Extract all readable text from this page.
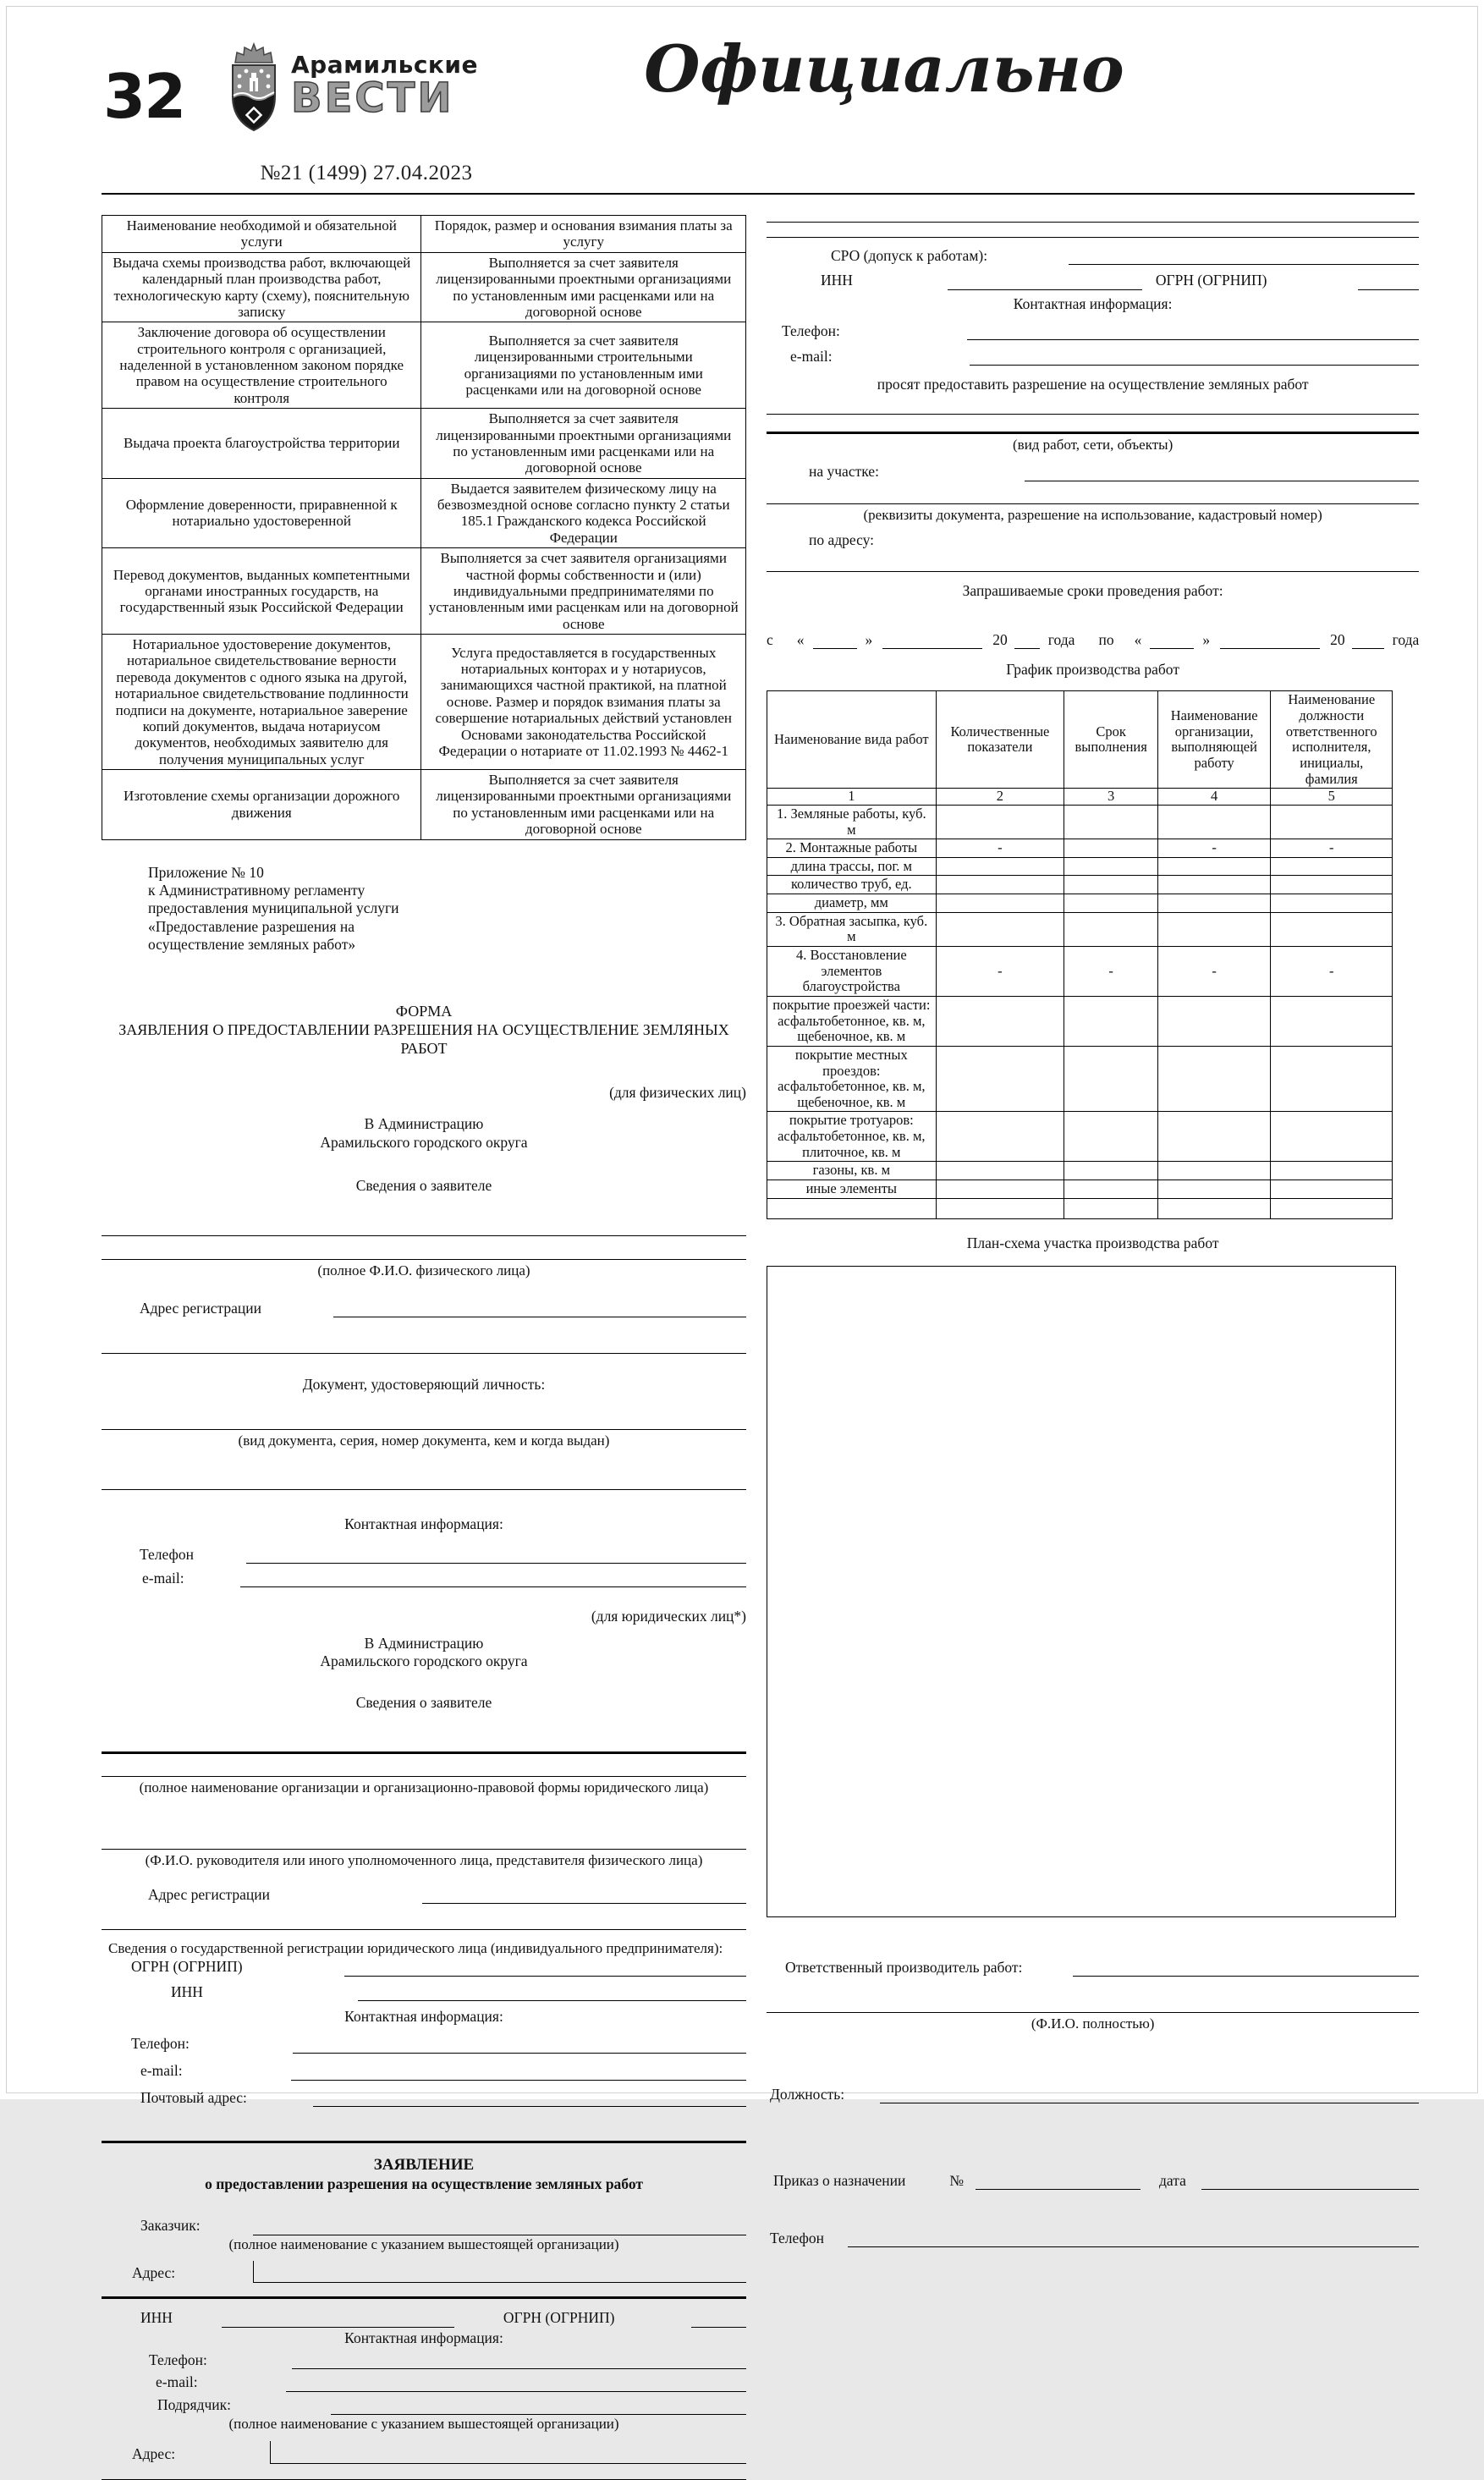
32	Арамильские
ВЕСТИ
№21 (1499) 27.04.2023
Официально
Наименование необходимой и обязательной услуги	Порядок, размер и основания взимания платы за услугу
Выдача схемы производства работ, включающей календарный план производства работ, технологическую карту (схему), пояснительную записку	Выполняется за счет заявителя лицензированными проектными организациями по установленным ими расценками или на договорной основе
Заключение договора об осуществлении строительного контроля с организацией, наделенной в установленном законом порядке правом на осуществление строительного контроля	Выполняется за счет заявителя лицензированными строительными организациями по установленным ими расценками или на договорной основе
Выдача проекта благоустройства территории	Выполняется за счет заявителя лицензированными проектными организациями по установленным ими расценками или на договорной основе
Оформление доверенности, приравненной к нотариально удостоверенной	Выдается заявителем физическому лицу на безвозмездной основе согласно пункту 2 статьи 185.1 Гражданского кодекса Российской Федерации
Перевод документов, выданных компетентными органами иностранных государств, на государственный язык Российской Федерации	Выполняется за счет заявителя организациями частной формы собственности и (или) индивидуальными предпринимателями по установленным ими расценкам или на договорной основе
Нотариальное удостоверение документов, нотариальное свидетельствование верности перевода документов с одного языка на другой, нотариальное свидетельствование подлинности подписи на документе, нотариальное заверение копий документов, выдача нотариусом документов, необходимых заявителю для получения муниципальных услуг	Услуга предоставляется в государственных нотариальных конторах и у нотариусов, занимающихся частной практикой, на платной основе. Размер и порядок взимания платы за совершение нотариальных действий установлен Основами законодательства Российской Федерации о нотариате от 11.02.1993 № 4462-1
Изготовление схемы организации дорожного движения	Выполняется за счет заявителя лицензированными проектными организациями по установленным ими расценками или на договорной основе
Приложение № 10
к Административному регламенту
предоставления муниципальной услуги
«Предоставление разрешения на
осуществление земляных работ»
ФОРМА
ЗАЯВЛЕНИЯ О ПРЕДОСТАВЛЕНИИ РАЗРЕШЕНИЯ НА ОСУЩЕСТВЛЕНИЕ ЗЕМЛЯНЫХ РАБОТ
(для физических лиц)
В Администрацию
Арамильского городского округа
Сведения о заявителе
(полное Ф.И.О. физического лица)
Адрес регистрации
Документ, удостоверяющий личность:
(вид документа, серия, номер документа, кем и когда выдан)
Контактная информация:
Телефон
e-mail:
(для юридических лиц*)
В Администрацию
Арамильского городского округа
Сведения о заявителе
(полное наименование организации и организационно-правовой формы юридического лица)
(Ф.И.О. руководителя или иного уполномоченного лица, представителя физического лица)
Адрес регистрации
Сведения о государственной регистрации юридического лица (индивидуального предпринимателя):
ОГРН (ОГРНИП)
ИНН
Контактная информация:
Телефон:
e-mail:
Почтовый адрес:
ЗАЯВЛЕНИЕ
о предоставлении разрешения на осуществление земляных работ
Заказчик:
(полное наименование с указанием вышестоящей организации)
Адрес:
ИНН	ОГРН (ОГРНИП)
Контактная информация:
Телефон:
e-mail:
Подрядчик:
(полное наименование с указанием вышестоящей организации)
Адрес:
СРО (допуск к работам):
ИНН	ОГРН (ОГРНИП)
Контактная информация:
Телефон:
e-mail:
просят предоставить разрешение на осуществление земляных работ
(вид работ, сети, объекты)
на участке:
(реквизиты документа, разрешение на использование, кадастровый номер)
по адресу:
Запрашиваемые сроки проведения работ:
с «	»	20	года по «	»	20	года
График производства работ
Наименование вида работ	Количественные показатели	Срок выполнения	Наименование организации, выполняющей работу	Наименование должности ответственного исполнителя, инициалы, фамилия
1	2	3	4	5
1. Земляные работы, куб. м				
2. Монтажные работы	-		-	-
длина трассы, пог. м				
количество труб, ед.				
диаметр, мм				
3. Обратная засыпка, куб. м				
4. Восстановление элементов благоустройства	-	-	-	-
покрытие проезжей части: асфальтобетонное, кв. м, щебеночное, кв. м				
покрытие местных проездов: асфальтобетонное, кв. м, щебеночное, кв. м				
покрытие тротуаров: асфальтобетонное, кв. м, плиточное, кв. м				
газоны, кв. м				
иные элементы				

План-схема участка производства работ
Ответственный производитель работ:
(Ф.И.О. полностью)
Должность:
Приказ о назначении	№	дата
Телефон
